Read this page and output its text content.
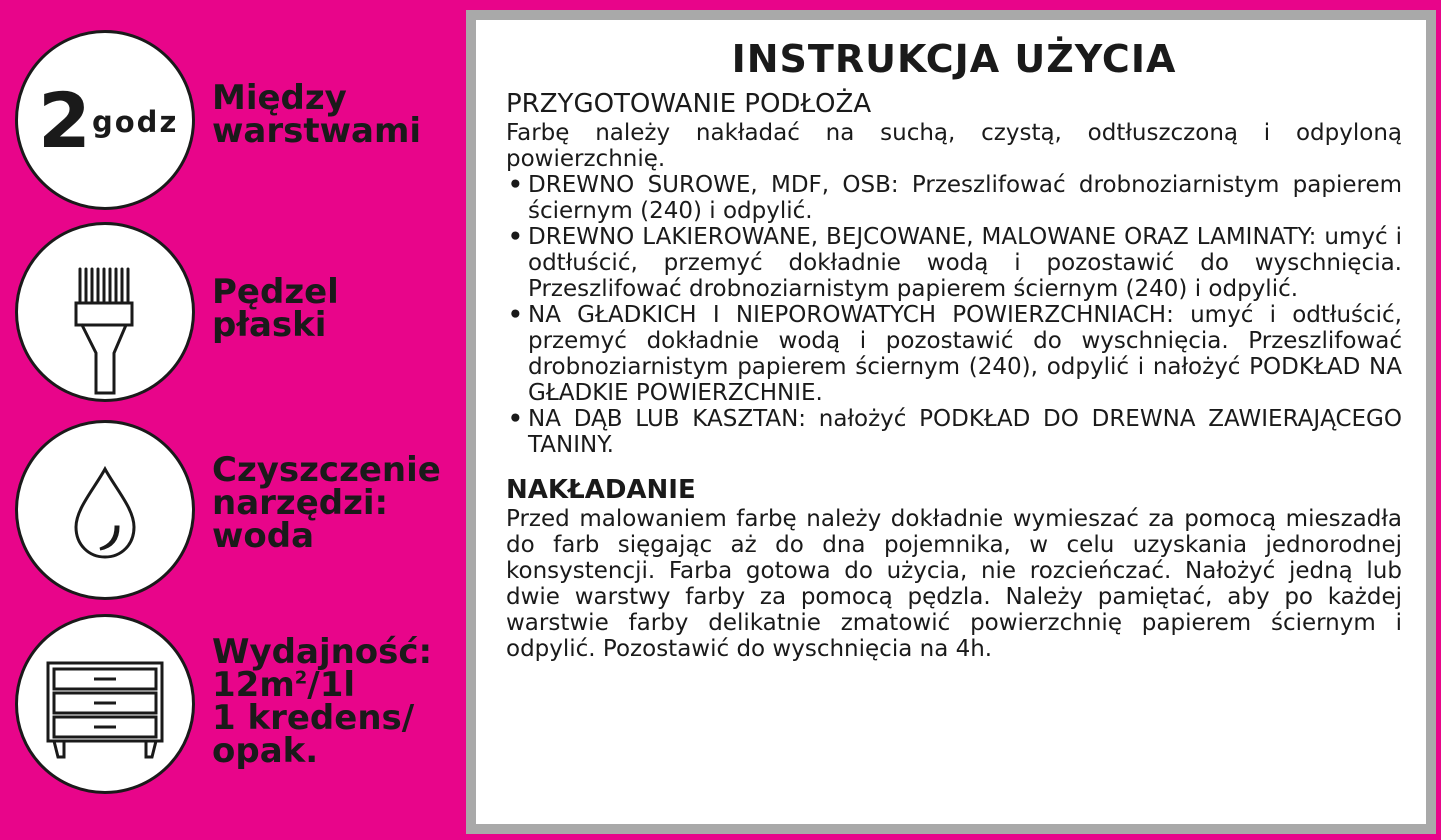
2 godz
Między
warstwami
Pędzel
płaski
Czyszczenie
narzędzi:
woda
Wydajność:
$12m^2/1l$
1 kredens/
opak.
INSTRUKCJA UŻYCIA
PRZYGOTOWANIE PODŁOŻA

Farbę należy nakładać na suchą, czystą, odtłuszczoną i odpyloną powierzchnię.

• DREWNO SUROWE, MDF, OSB: Przeszlifować drobnoziarnistym papierem ściernym (240) i odpylić.
• DREWNO LAKIEROWANE, BEJCOWANE, MALOWANE ORAZ LAMINATY: umyć i odtłuścić, przemyć dokładnie wodą i pozostawić do wyschnięcia. Przeszlifować drobnoziarnistym papierem ściernym (240) i odpylić.
• NA GŁADKICH I NIEPOROWATYCH POWIERZCHNIACH: umyć i odtłuścić, przemyć dokładnie wodą i pozostawić do wyschnięcia. Przeszlifować drobnoziarnistym papierem ściernym (240), odpylić i nałożyć PODKŁAD NA GŁADKIE POWIERZCHNIE.
• NA DĄB LUB KASZTAN: nałożyć PODKŁAD DO DREWNA ZAWIERAJĄCEGO TANINY.
NAKŁADANIE

Przed malowaniem farbę należy dokładnie wymieszać za pomocą mieszadła do farb sięgając aż do dna pojemnika, w celu uzyskania jednorodnej konsystencji. Farba gotowa do użycia, nie rozcieńczać. Nałożyć jedną lub dwie warstwy farby za pomocą pędzla. Należy pamiętać, aby po każdej warstwie farby delikatnie zmatowić powierzchnię papierem ściernym i odpylić. Pozostawić do wyschnięcia na 4h.
